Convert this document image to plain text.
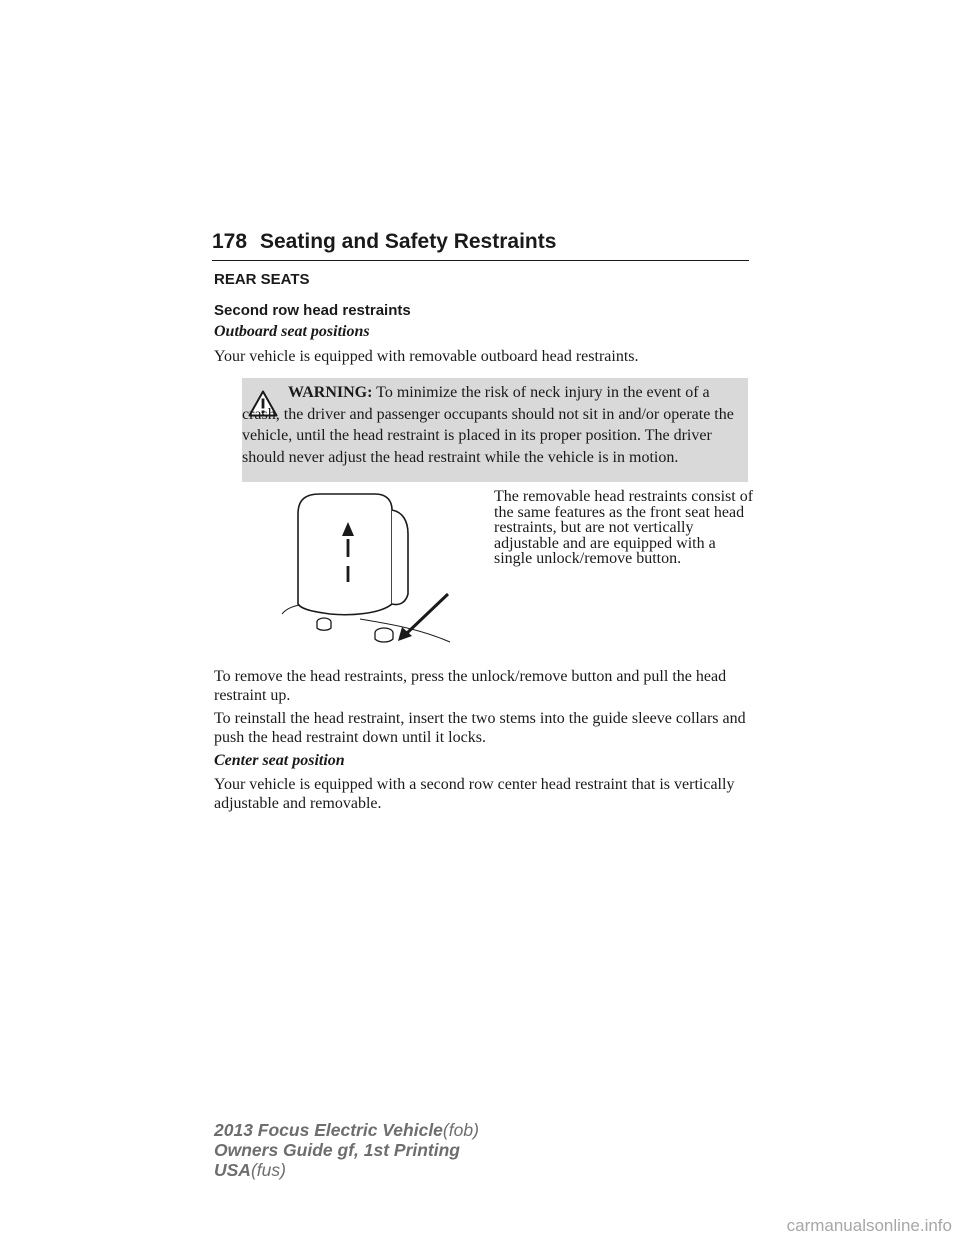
178 Seating and Safety Restraints
REAR SEATS
Second row head restraints
Outboard seat positions
Your vehicle is equipped with removable outboard head restraints.
WARNING: To minimize the risk of neck injury in the event of a crash, the driver and passenger occupants should not sit in and/or operate the vehicle, until the head restraint is placed in its proper position. The driver should never adjust the head restraint while the vehicle is in motion.
The removable head restraints consist of the same features as the front seat head restraints, but are not vertically adjustable and are equipped with a single unlock/remove button.
To remove the head restraints, press the unlock/remove button and pull the head restraint up.
To reinstall the head restraint, insert the two stems into the guide sleeve collars and push the head restraint down until it locks.
Center seat position
Your vehicle is equipped with a second row center head restraint that is vertically adjustable and removable.
2013 Focus Electric Vehicle(fob)
Owners Guide gf, 1st Printing
USA(fus)
carmanualsonline.info
